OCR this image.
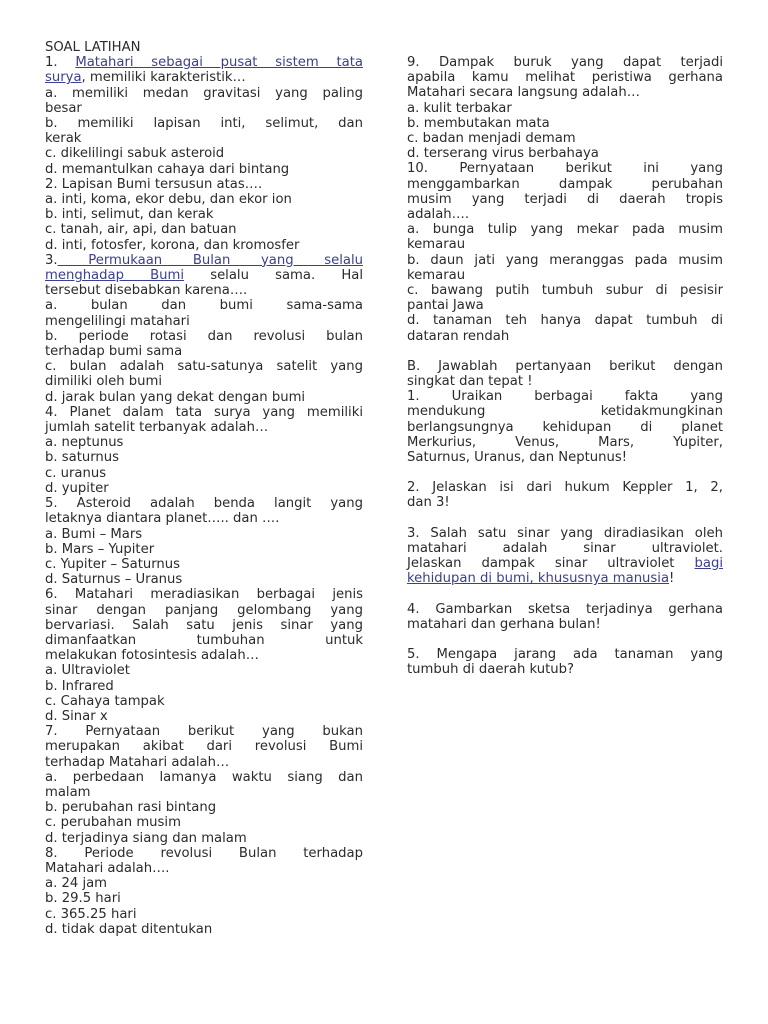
SOAL LATIHAN
1. Matahari sebagai pusat sistem tata
surya, memiliki karakteristik…
a. memiliki medan gravitasi yang paling
besar
b. memiliki lapisan inti, selimut, dan
kerak
c. dikelilingi sabuk asteroid
d. memantulkan cahaya dari bintang
2. Lapisan Bumi tersusun atas….
a. inti, koma, ekor debu, dan ekor ion
b. inti, selimut, dan kerak
c. tanah, air, api, dan batuan
d. inti, fotosfer, korona, dan kromosfer
3. Permukaan Bulan yang selalu
menghadap Bumi selalu sama. Hal
tersebut disebabkan karena….
a. bulan dan bumi sama-sama
mengelilingi matahari
b. periode rotasi dan revolusi bulan
terhadap bumi sama
c. bulan adalah satu-satunya satelit yang
dimiliki oleh bumi
d. jarak bulan yang dekat dengan bumi
4. Planet dalam tata surya yang memiliki
jumlah satelit terbanyak adalah…
a. neptunus
b. saturnus
c. uranus
d. yupiter
5. Asteroid adalah benda langit yang
letaknya diantara planet….. dan ….
a. Bumi – Mars
b. Mars – Yupiter
c. Yupiter – Saturnus
d. Saturnus – Uranus
6. Matahari meradiasikan berbagai jenis
sinar dengan panjang gelombang yang
bervariasi. Salah satu jenis sinar yang
dimanfaatkan tumbuhan untuk
melakukan fotosintesis adalah…
a. Ultraviolet
b. Infrared
c. Cahaya tampak
d. Sinar x
7. Pernyataan berikut yang bukan
merupakan akibat dari revolusi Bumi
terhadap Matahari adalah…
a. perbedaan lamanya waktu siang dan
malam
b. perubahan rasi bintang
c. perubahan musim
d. terjadinya siang dan malam
8. Periode revolusi Bulan terhadap
Matahari adalah….
a. 24 jam
b. 29.5 hari
c. 365.25 hari
d. tidak dapat ditentukan
9. Dampak buruk yang dapat terjadi
apabila kamu melihat peristiwa gerhana
Matahari secara langsung adalah…
a. kulit terbakar
b. membutakan mata
c. badan menjadi demam
d. terserang virus berbahaya
10. Pernyataan berikut ini yang
menggambarkan dampak perubahan
musim yang terjadi di daerah tropis
adalah….
a. bunga tulip yang mekar pada musim
kemarau
b. daun jati yang meranggas pada musim
kemarau
c. bawang putih tumbuh subur di pesisir
pantai Jawa
d. tanaman teh hanya dapat tumbuh di
dataran rendah
B. Jawablah pertanyaan berikut dengan
singkat dan tepat !
1. Uraikan berbagai fakta yang
mendukung ketidakmungkinan
berlangsungnya kehidupan di planet
Merkurius, Venus, Mars, Yupiter,
Saturnus, Uranus, dan Neptunus!
2. Jelaskan isi dari hukum Keppler 1, 2,
dan 3!
3. Salah satu sinar yang diradiasikan oleh
matahari adalah sinar ultraviolet.
Jelaskan dampak sinar ultraviolet bagi
kehidupan di bumi, khususnya manusia!
4. Gambarkan sketsa terjadinya gerhana
matahari dan gerhana bulan!
5. Mengapa jarang ada tanaman yang
tumbuh di daerah kutub?
